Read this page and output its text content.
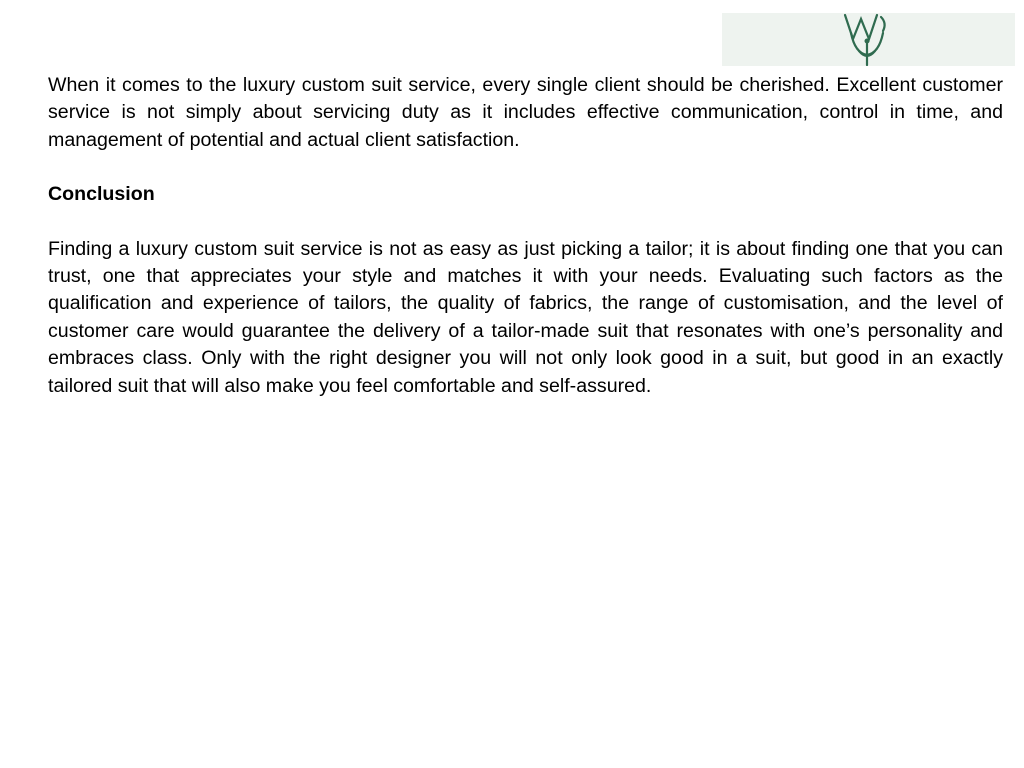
When it comes to the luxury custom suit service, every single client should be cherished. Excellent customer service is not simply about servicing duty as it includes effective communication, control in time, and management of potential and actual client satisfaction.

Conclusion

Finding a luxury custom suit service is not as easy as just picking a tailor; it is about finding one that you can trust, one that appreciates your style and matches it with your needs. Evaluating such factors as the qualification and experience of tailors, the quality of fabrics, the range of customisation, and the level of customer care would guarantee the delivery of a tailor-made suit that resonates with one’s personality and embraces class. Only with the right designer you will not only look good in a suit, but good in an exactly tailored suit that will also make you feel comfortable and self-assured.
